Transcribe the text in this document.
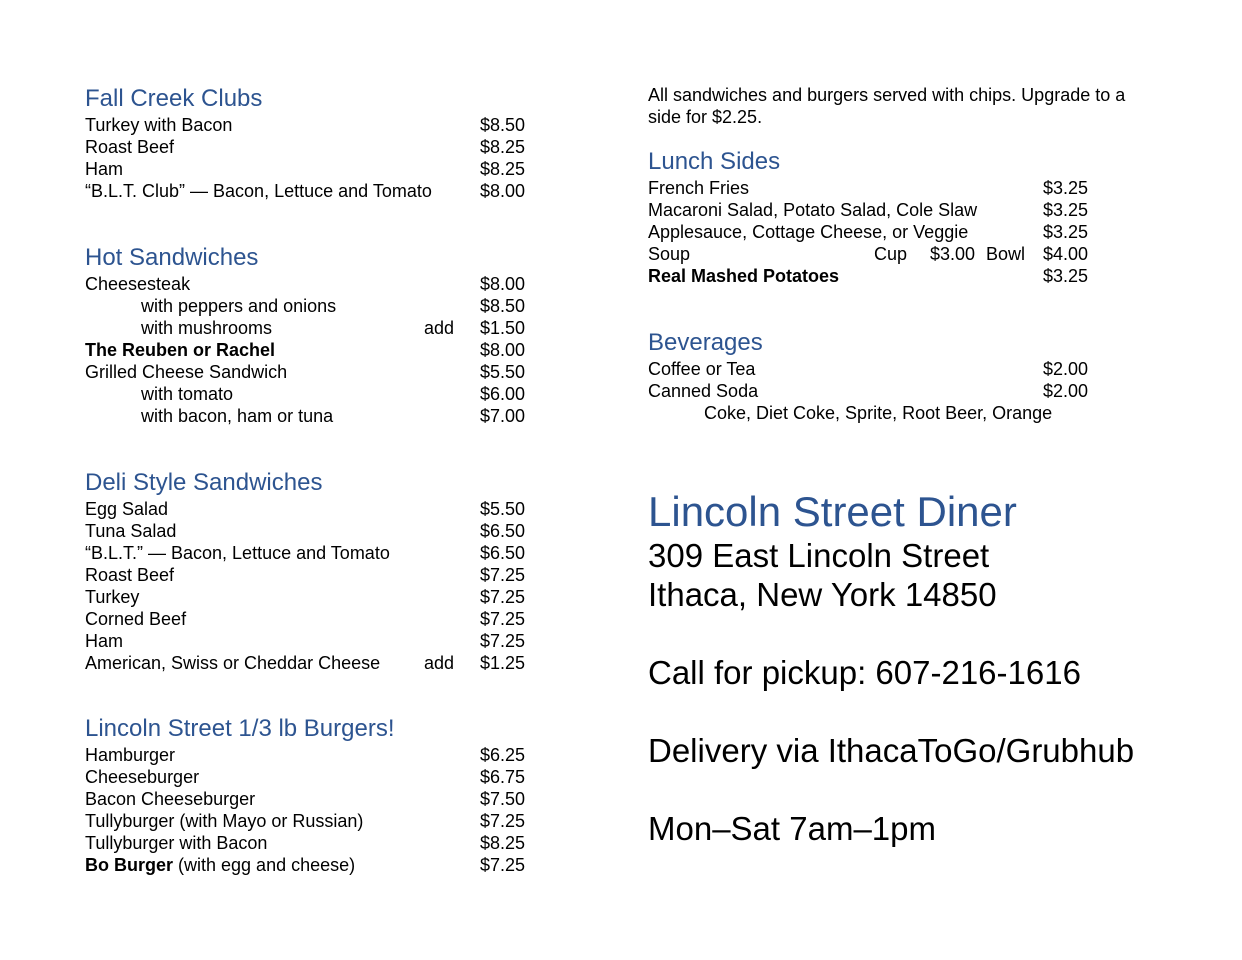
Fall Creek Clubs
Turkey with Bacon	$8.50
Roast Beef	$8.25
Ham	$8.25
“B.L.T. Club” — Bacon, Lettuce and Tomato	$8.00
Hot Sandwiches
Cheesesteak	$8.00
with peppers and onions	$8.50
with mushrooms	add $1.50
The Reuben or Rachel	$8.00
Grilled Cheese Sandwich	$5.50
with tomato	$6.00
with bacon, ham or tuna	$7.00
Deli Style Sandwiches
Egg Salad	$5.50
Tuna Salad	$6.50
“B.L.T.” — Bacon, Lettuce and Tomato	$6.50
Roast Beef	$7.25
Turkey	$7.25
Corned Beef	$7.25
Ham	$7.25
American, Swiss or Cheddar Cheese add $1.25
Lincoln Street 1/3 lb Burgers!
Hamburger	$6.25
Cheeseburger	$6.75
Bacon Cheeseburger	$7.50
Tullyburger (with Mayo or Russian)	$7.25
Tullyburger with Bacon	$8.25
Bo Burger (with egg and cheese)	$7.25

All sandwiches and burgers served with chips. Upgrade to a side for $2.25.

Lunch Sides
French Fries	$3.25
Macaroni Salad, Potato Salad, Cole Slaw	$3.25
Applesauce, Cottage Cheese, or Veggie	$3.25
Soup	Cup $3.00 Bowl $4.00
Real Mashed Potatoes	$3.25
Beverages
Coffee or Tea	$2.00
Canned Soda	$2.00
Coke, Diet Coke, Sprite, Root Beer, Orange
Lincoln Street Diner
309 East Lincoln Street
Ithaca, New York 14850
Call for pickup: 607-216-1616
Delivery via IthacaToGo/Grubhub
Mon–Sat 7am–1pm
